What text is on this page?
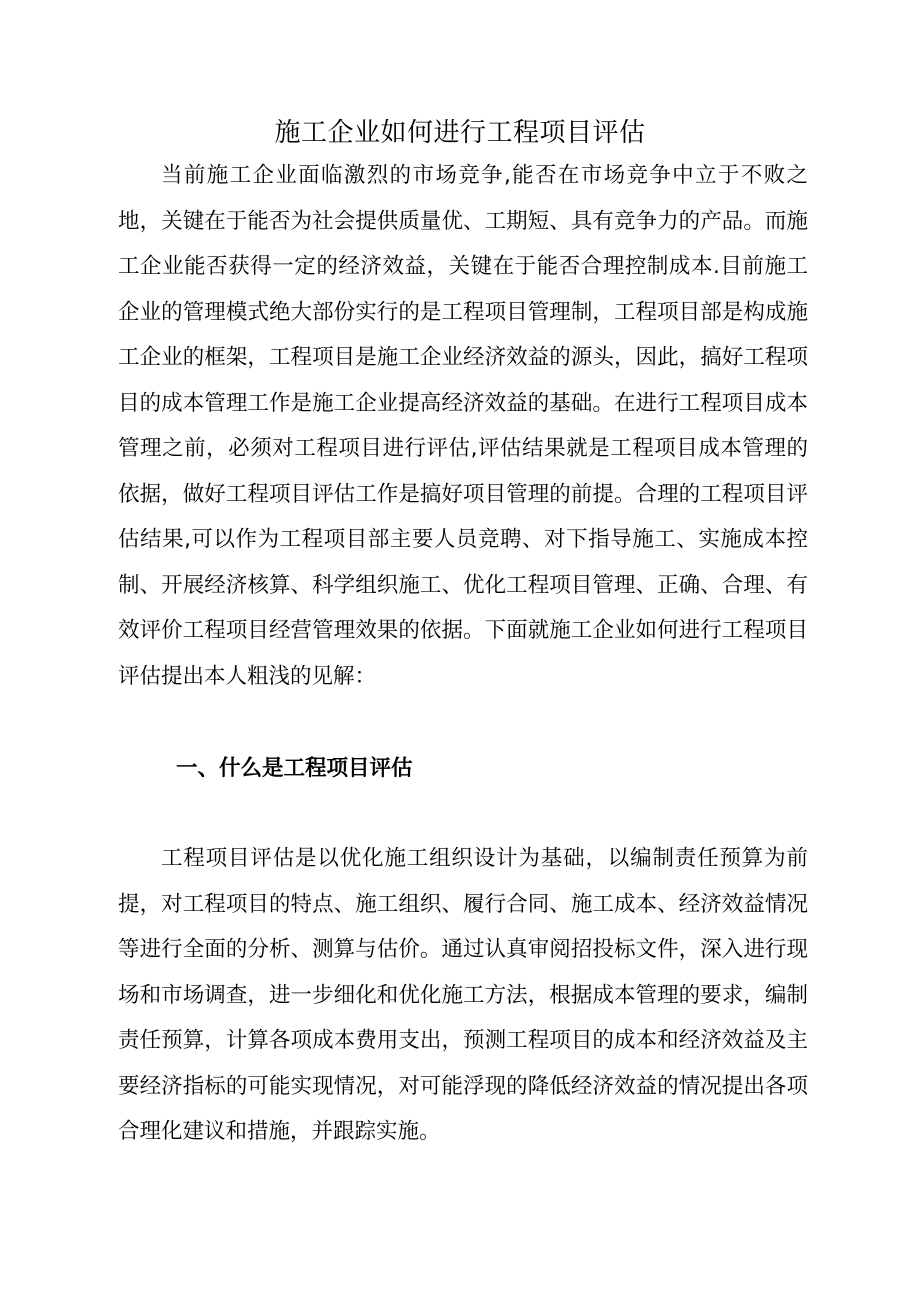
施工企业如何进行工程项目评估

当前施工企业面临激烈的市场竞争,能否在市场竞争中立于不败之地，关键在于能否为社会提供质量优、工期短、具有竞争力的产品。而施工企业能否获得一定的经济效益，关键在于能否合理控制成本.目前施工企业的管理模式绝大部份实行的是工程项目管理制，工程项目部是构成施工企业的框架，工程项目是施工企业经济效益的源头，因此，搞好工程项目的成本管理工作是施工企业提高经济效益的基础。在进行工程项目成本管理之前，必须对工程项目进行评估,评估结果就是工程项目成本管理的依据，做好工程项目评估工作是搞好项目管理的前提。合理的工程项目评估结果,可以作为工程项目部主要人员竞聘、对下指导施工、实施成本控制、开展经济核算、科学组织施工、优化工程项目管理、正确、合理、有效评价工程项目经营管理效果的依据。下面就施工企业如何进行工程项目评估提出本人粗浅的见解：

一、什么是工程项目评估

工程项目评估是以优化施工组织设计为基础，以编制责任预算为前提，对工程项目的特点、施工组织、履行合同、施工成本、经济效益情况等进行全面的分析、测算与估价。通过认真审阅招投标文件，深入进行现场和市场调查，进一步细化和优化施工方法，根据成本管理的要求，编制责任预算，计算各项成本费用支出，预测工程项目的成本和经济效益及主要经济指标的可能实现情况，对可能浮现的降低经济效益的情况提出各项合理化建议和措施，并跟踪实施。
